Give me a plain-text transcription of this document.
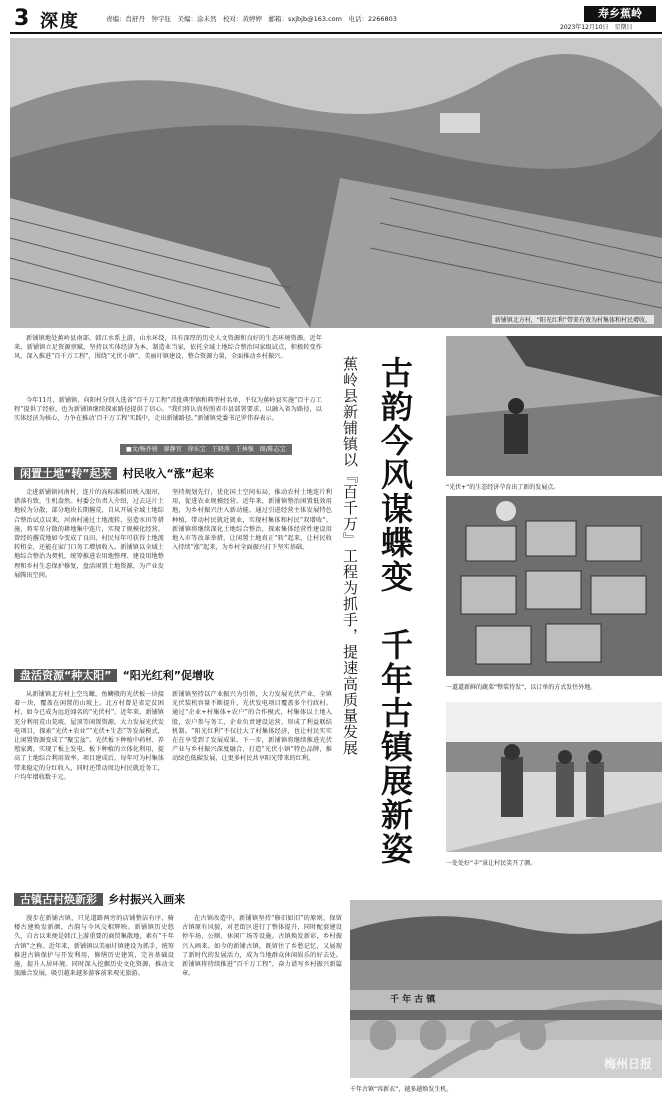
3 深度	责编：肖舒丹　钟宇钰　美编：涂未然　校对：黄婷婷　邮箱：sxjbjb@163.com　电话：2266803	寿乡蕉岭
2023年12月10日　星期日
新铺镇北方村，“阳光红利”带来有效为村集体和村民增收。
新铺镇地处蕉岭县南部，韩江水系上游，山水环绕，具有深厚的历史人文资源和良好的生态环境资源。近年来，新铺镇立足资源禀赋，坚持以实体经济为本，制造业当家，依托全域土地综合整治国家级试点，积极转变作风，深入推进“百千万工程”，围绕“光伏小镇”、美丽圩镇建设，整合资源力量，全面推动乡村振兴。
今年11月，新铺镇、向阳村分别入选省“百千万工程”首批典型镇和典型村名单，不仅为蕉岭县实施“百千万工程”提供了经验，也为新铺镇继续探索路径提供了信心。“我们将认真按照省市县部署要求，以融入省为路径，以实体经济为核心，力争在推动‘百千万工程’实践中，走出新铺路径。”新铺镇党委书记罗伟春表示。
■文/杨乔骏　廖静宜　徐东宝　王晓燕　王林强　图/陈志宝	古韵今风谋蝶变　千年古镇展新姿
蕉岭县新铺镇以『百千万』工程为抓手，提速高质量发展
闲置土地“转”起来 村民收入“涨”起来
走进新铺镇河南村，连片的高标准稻田映入眼帘，错落有致，生机盎然。村委会负责人介绍，过去这片土地较为分散，部分地块长期撂荒，自从开展全域土地综合整治试点以来，河南村通过土地流转、垦造水田等措施，将零星分散的耕地集中连片，实现了规模化经营。曾经的撂荒地如今变成了良田，村民每年可获得土地流转租金，还能在家门口务工增加收入。新铺镇以全域土地综合整治为契机，统筹推进农用地整理、建设用地整理和乡村生态保护修复，盘活闲置土地资源，为产业发展腾出空间。
坚持规划先行，优化国土空间布局，推动农村土地连片利用，促进农业规模经营。近年来，新铺镇整治闲置低效用地，为乡村振兴注入新动能。通过引进经营主体发展特色种植，带动村民就近就业，实现村集体和村民“双增收”。新铺镇将继续深化土地综合整治，探索集体经营性建设用地入市等改革举措，让闲置土地真正“转”起来，让村民收入持续“涨”起来，为乡村全面振兴打下坚实基础。
盘活资源“种太阳” “阳光红利”促增收
从新铺镇北方村上空鸟瞰，鱼鳞般的光伏板一块接着一块，覆盖在闲置的山坡上。北方村曾是省定贫困村，如今已成为远近闻名的“光伏村”。近年来，新铺镇充分利用荒山荒坡、屋顶等闲置资源，大力发展光伏发电项目，探索“光伏+农业”“光伏+生态”等发展模式，让闲置资源变成了“聚宝盆”。光伏板下种植中药材、养殖家禽，实现了板上发电、板下种植的立体化利用，提高了土地综合利用效率。项目建成后，每年可为村集体带来稳定的分红收入，同时还带动周边村民就近务工，户均年增收数千元。
新铺镇坚持以产业振兴为引领，大力发展光伏产业，全镇光伏装机容量不断提升，光伏发电项目覆盖多个行政村。通过“企业+村集体+农户”的合作模式，村集体以土地入股，农户参与务工，企业负责建设运营，形成了利益联结机制。“阳光红利”不仅壮大了村集体经济，也让村民实实在在享受到了发展成果。下一步，新铺镇将继续推进光伏产业与乡村振兴深度融合，打造“光伏小镇”特色品牌，推动绿色低碳发展，让更多村民共享阳光带来的红利。
古镇古村焕新彩 乡村振兴入画来
漫步在新铺古镇，只见道路两旁的店铺整洁有序，骑楼古建焕发新颜，古韵与今风交相辉映。新铺镇历史悠久，自古以来便是韩江上游重要的商贸集散地，素有“千年古镇”之称。近年来，新铺镇以美丽圩镇建设为抓手，统筹推进古镇保护与开发利用，修缮历史建筑，完善基础设施，提升人居环境。同时深入挖掘历史文化资源，推动文旅融合发展，吸引越来越多游客前来观光旅游。
在古镇改造中，新铺镇坚持“修旧如旧”的原则，保留古镇原有风貌，对老街区进行了整体提升，同时配套建设停车场、公厕、休闲广场等设施。古镇焕发新彩，乡村振兴入画来。如今的新铺古镇，既留住了乡愁记忆，又展现了新时代的发展活力，成为当地群众休闲娱乐的好去处。新铺镇将持续推进“百千万工程”，奋力谱写乡村振兴新篇章。
“光伏+”的生态经济孕育出了新的发展点。
一道道新鲜的蔬菜“整装待发”，以订单的方式发往外地。
一处处好“丰”景让村民笑开了颜。
千 年 古 镇
梅州日报
千年古镇“容新衣”，越多越焕发生机。
